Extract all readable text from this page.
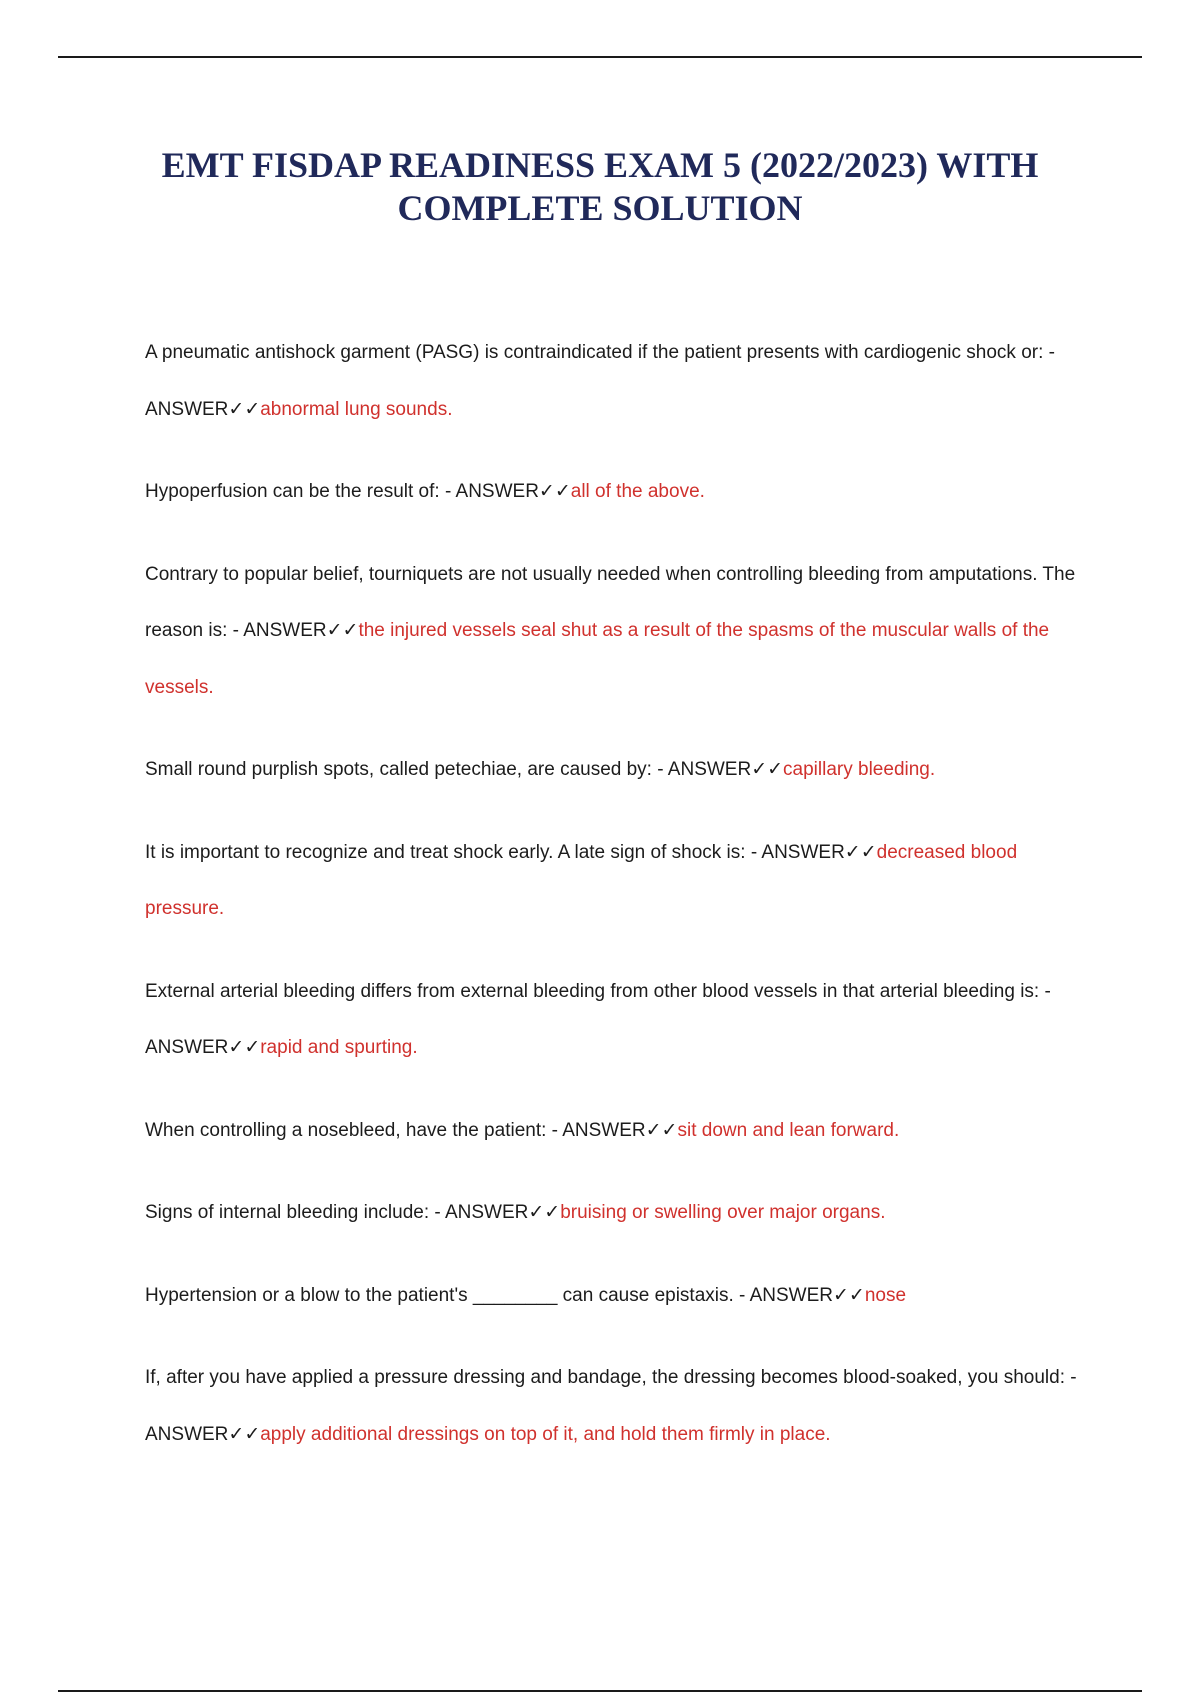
EMT FISDAP READINESS EXAM 5 (2022/2023) WITH COMPLETE SOLUTION
A pneumatic antishock garment (PASG) is contraindicated if the patient presents with cardiogenic shock or: - ANSWER✓✓abnormal lung sounds.
Hypoperfusion can be the result of: - ANSWER✓✓all of the above.
Contrary to popular belief, tourniquets are not usually needed when controlling bleeding from amputations. The reason is: - ANSWER✓✓the injured vessels seal shut as a result of the spasms of the muscular walls of the vessels.
Small round purplish spots, called petechiae, are caused by: - ANSWER✓✓capillary bleeding.
It is important to recognize and treat shock early. A late sign of shock is: - ANSWER✓✓decreased blood pressure.
External arterial bleeding differs from external bleeding from other blood vessels in that arterial bleeding is: - ANSWER✓✓rapid and spurting.
When controlling a nosebleed, have the patient: - ANSWER✓✓sit down and lean forward.
Signs of internal bleeding include: - ANSWER✓✓bruising or swelling over major organs.
Hypertension or a blow to the patient's ________ can cause epistaxis. - ANSWER✓✓nose
If, after you have applied a pressure dressing and bandage, the dressing becomes blood-soaked, you should: - ANSWER✓✓apply additional dressings on top of it, and hold them firmly in place.
